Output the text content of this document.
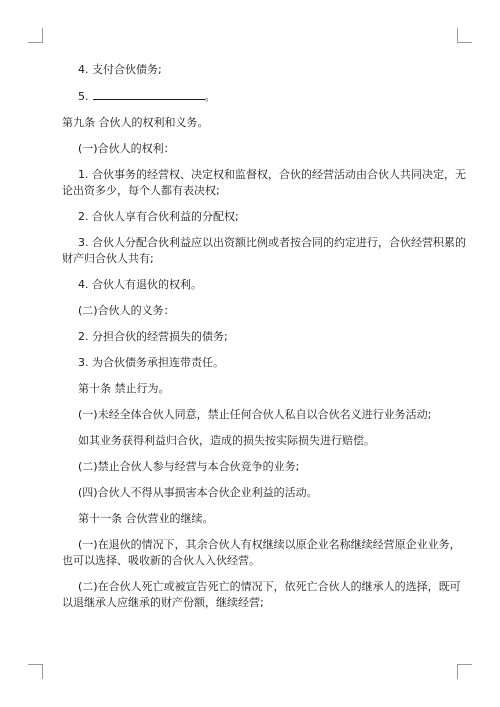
4. 支付合伙债务;

5.	。

第九条 合伙人的权利和义务。

(一)合伙人的权利：

1. 合伙事务的经营权、决定权和监督权，合伙的经营活动由合伙人共同决定，无

论出资多少，每个人都有表决权;

2. 合伙人享有合伙利益的分配权;

3. 合伙人分配合伙利益应以出资额比例或者按合同的约定进行，合伙经营积累的

财产归合伙人共有;

4. 合伙人有退伙的权利。

(二)合伙人的义务：

2. 分担合伙的经营损失的债务;

3. 为合伙债务承担连带责任。

第十条 禁止行为。

(一)未经全体合伙人同意，禁止任何合伙人私自以合伙名义进行业务活动;

如其业务获得利益归合伙，造成的损失按实际损失进行赔偿。

(二)禁止合伙人参与经营与本合伙竞争的业务;

(四)合伙人不得从事损害本合伙企业利益的活动。

第十一条 合伙营业的继续。

(一)在退伙的情况下，其余合伙人有权继续以原企业名称继续经营原企业业务，

也可以选择、吸收新的合伙人入伙经营。

(二)在合伙人死亡或被宣告死亡的情况下，依死亡合伙人的继承人的选择，既可

以退继承人应继承的财产份额，继续经营;
